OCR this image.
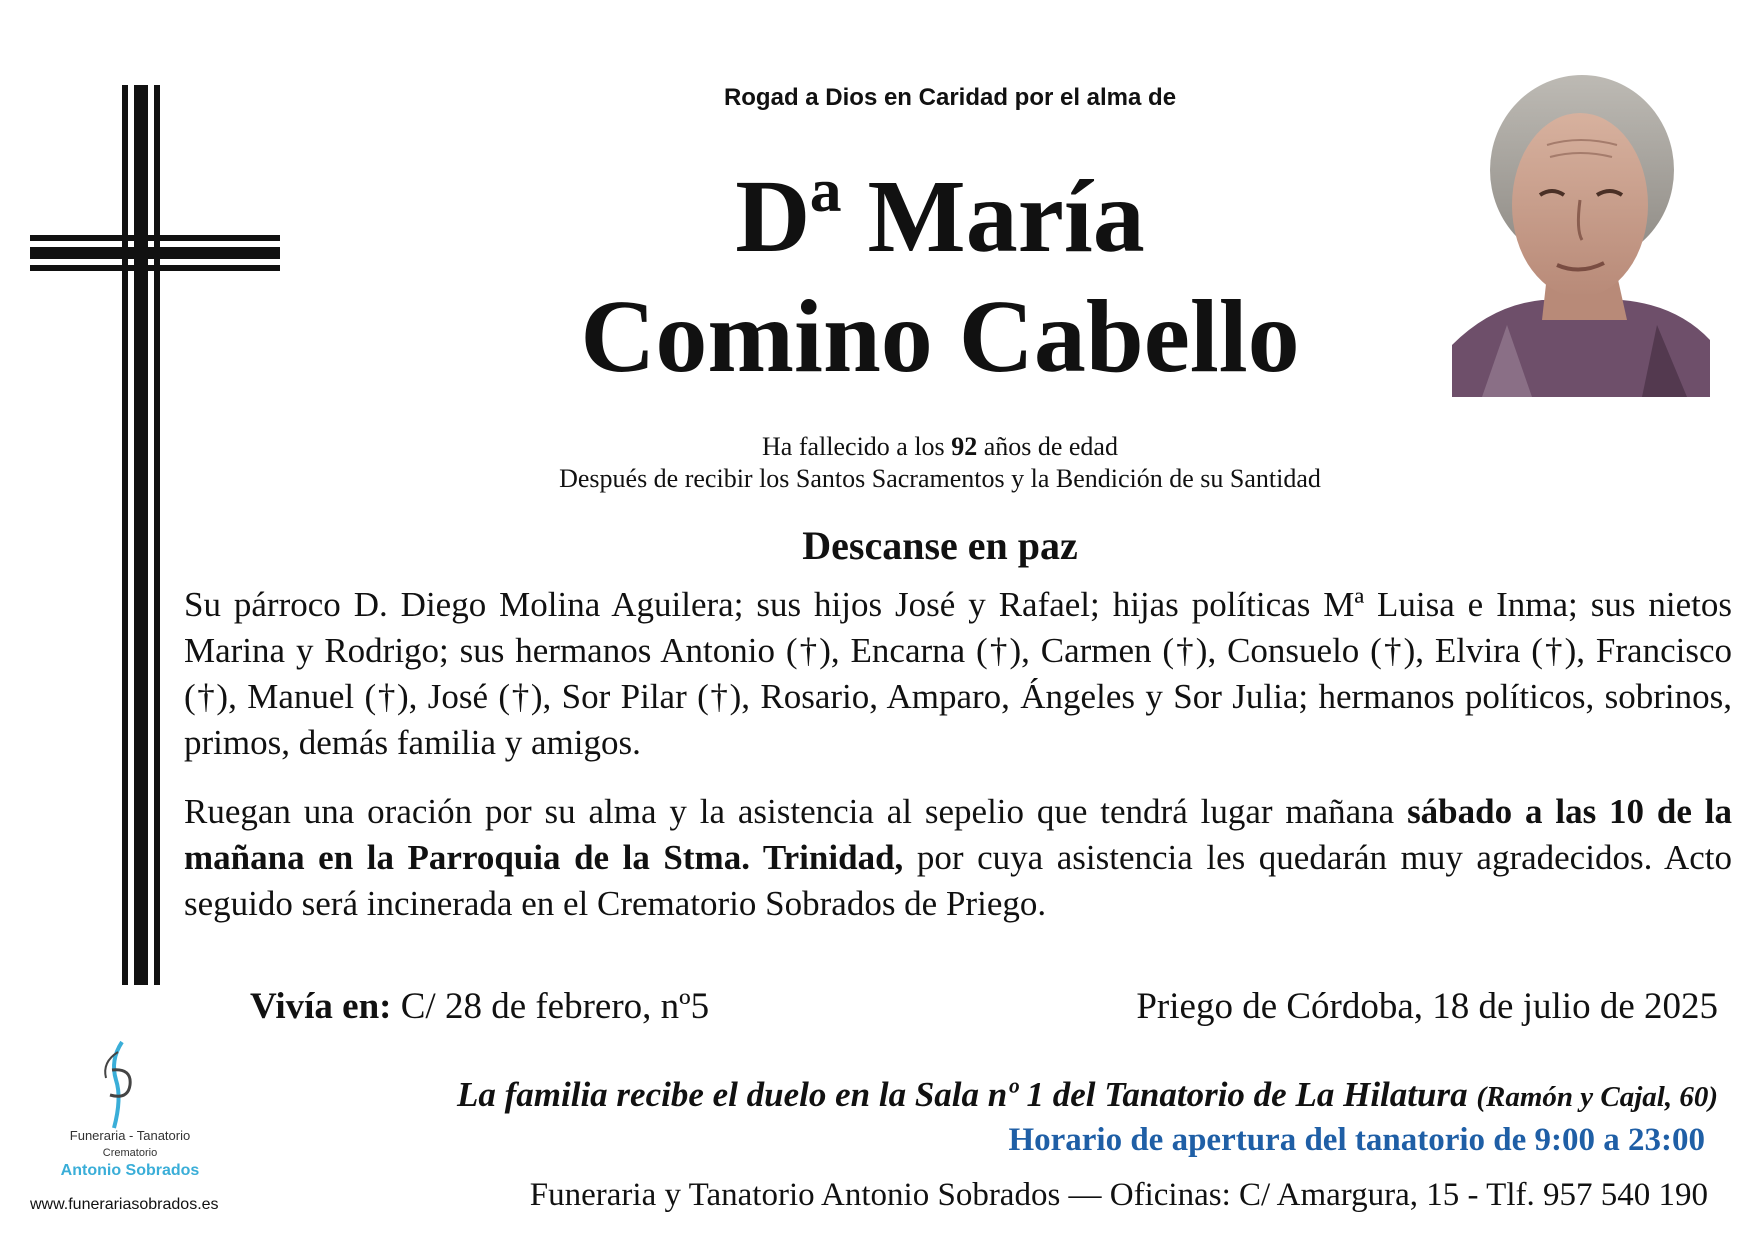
Rogad a Dios en Caridad por el alma de
Dª María
Comino Cabello
Ha fallecido a los 92 años de edad
Después de recibir los Santos Sacramentos y la Bendición de su Santidad
Descanse en paz
Su párroco D. Diego Molina Aguilera; sus hijos José y Rafael; hijas políticas Mª Luisa e Inma; sus nietos Marina y Rodrigo; sus hermanos Antonio (†), Encarna (†), Carmen (†), Consuelo (†), Elvira (†), Francisco (†), Manuel (†), José (†), Sor Pilar (†), Rosario, Amparo, Ángeles y Sor Julia; hermanos políticos, sobrinos, primos, demás familia y amigos.
Ruegan una oración por su alma y la asistencia al sepelio que tendrá lugar mañana sábado a las 10 de la mañana en la Parroquia de la Stma. Trinidad, por cuya asistencia les quedarán muy agradecidos. Acto seguido será incinerada en el Crematorio Sobrados de Priego.
Vivía en: C/ 28 de febrero, nº5	Priego de Córdoba, 18 de julio de 2025
La familia recibe el duelo en la Sala nº 1 del Tanatorio de La Hilatura (Ramón y Cajal, 60)
Horario de apertura del tanatorio de 9:00 a 23:00
Funeraria y Tanatorio Antonio Sobrados — Oficinas: C/ Amargura, 15 - Tlf. 957 540 190
Funeraria - Tanatorio
Crematorio
Antonio Sobrados
www.funerariasobrados.es
